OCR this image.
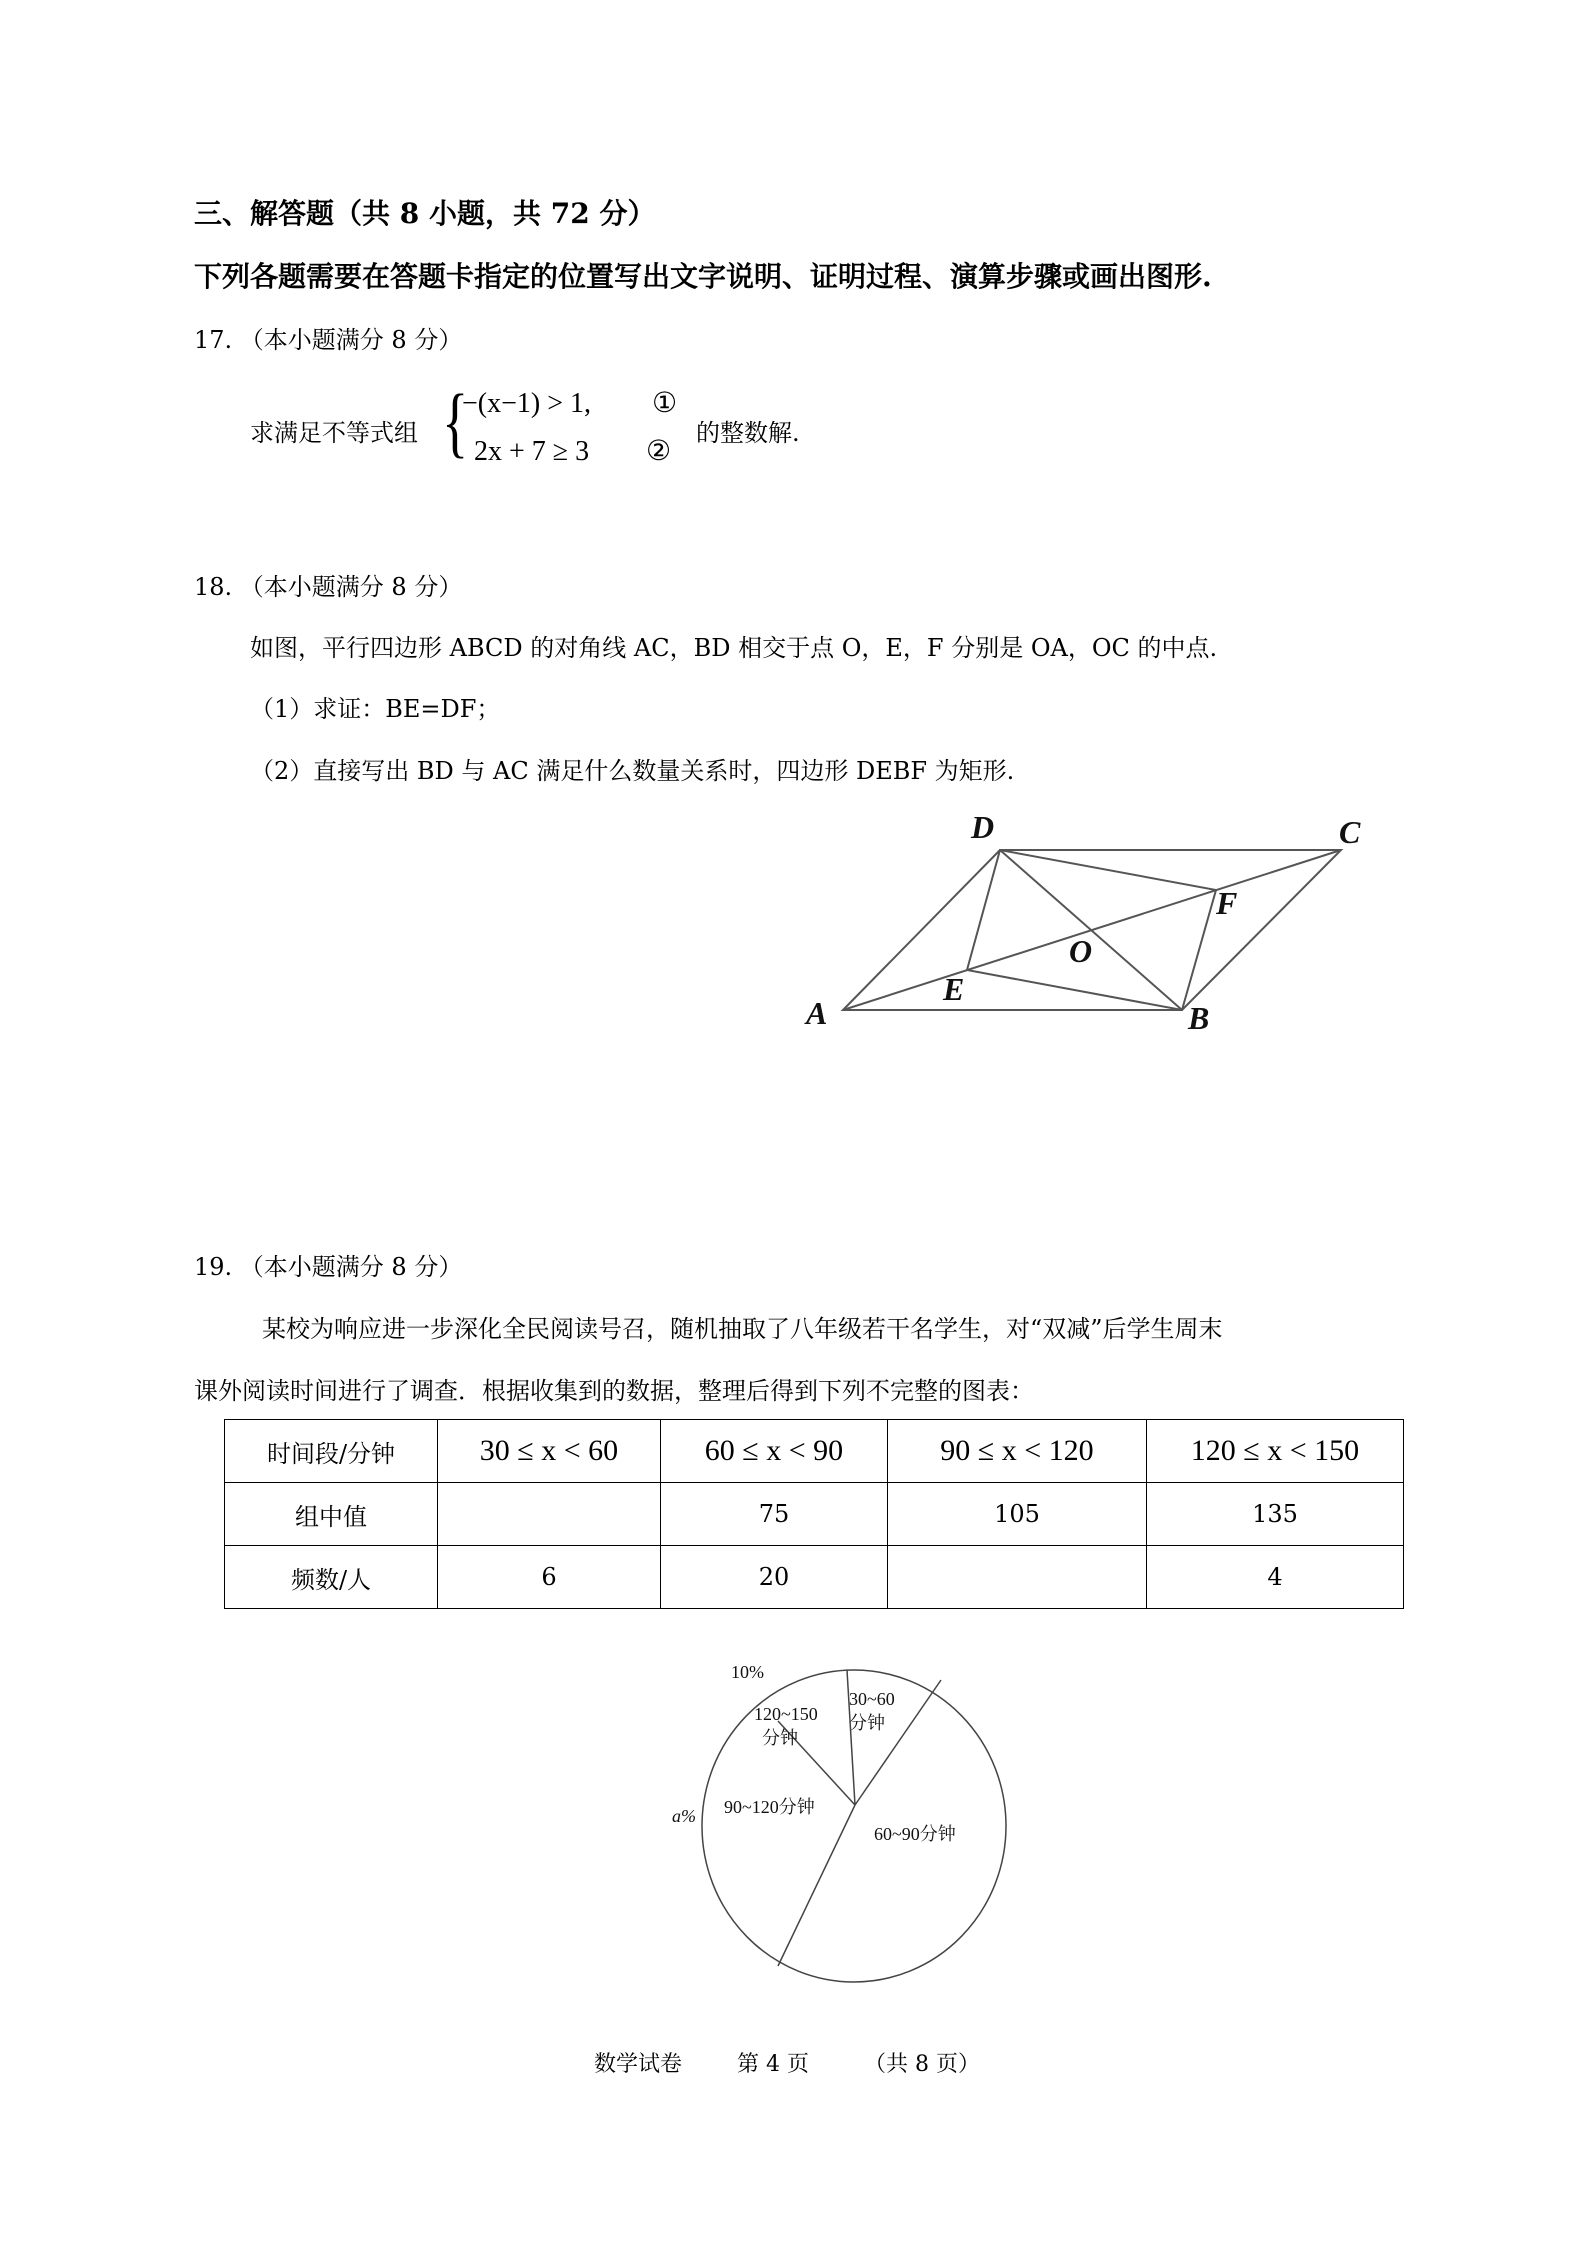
三、解答题（共 8 小题，共 72 分）
下列各题需要在答题卡指定的位置写出文字说明、证明过程、演算步骤或画出图形.
17. （本小题满分 8 分）
求满足不等式组 {
−(x−1) > 1, ①
2x + 7 ≥ 3 ②
的整数解.
18. （本小题满分 8 分）
如图，平行四边形 ABCD 的对角线 AC，BD 相交于点 O，E，F 分别是 OA，OC 的中点.
（1）求证：BE=DF；
（2）直接写出 BD 与 AC 满足什么数量关系时，四边形 DEBF 为矩形.
A	B
C
D
O
E
F
19. （本小题满分 8 分）
某校为响应进一步深化全民阅读号召，随机抽取了八年级若干名学生，对“双减”后学生周末
课外阅读时间进行了调查．根据收集到的数据，整理后得到下列不完整的图表：
时间段/分钟	30 ≤ x < 60	60 ≤ x < 90	90 ≤ x < 120	120 ≤ x < 150
组中值		75	105	135
频数/人	6	20		4
10%
120~150
分钟
30~60
分钟
90~120分钟
a%
60~90分钟
数学试卷 第 4 页	（共 8 页）
